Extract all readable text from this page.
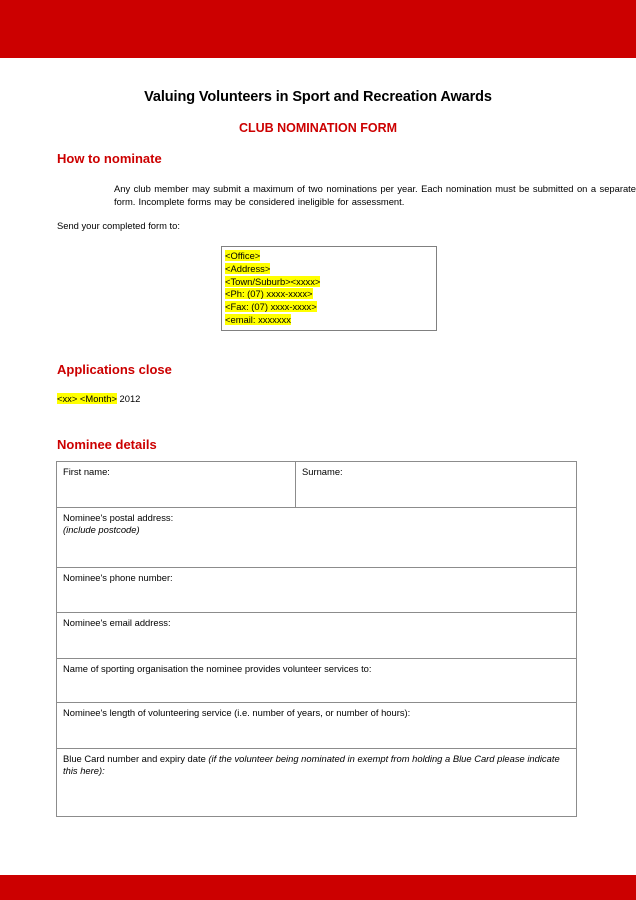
Valuing Volunteers in Sport and Recreation Awards
CLUB NOMINATION FORM
How to nominate
Any club member may submit a maximum of two nominations per year. Each nomination must be submitted on a separate form. Incomplete forms may be considered ineligible for assessment.
Send your completed form to:
<Office>
<Address>
<Town/Suburb><xxxx>
<Ph: (07) xxxx-xxxx>
<Fax: (07) xxxx-xxxx>
<email: xxxxxxx
Applications close
<xx> <Month> 2012
Nominee details
First name:	Surname:
Nominee's postal address:
(include postcode)
Nominee's phone number:
Nominee's email address:
Name of sporting organisation the nominee provides volunteer services to:
Nominee's length of volunteering service (i.e. number of years, or number of hours):
Blue Card number and expiry date (if the volunteer being nominated in exempt from holding a Blue Card please indicate this here):
